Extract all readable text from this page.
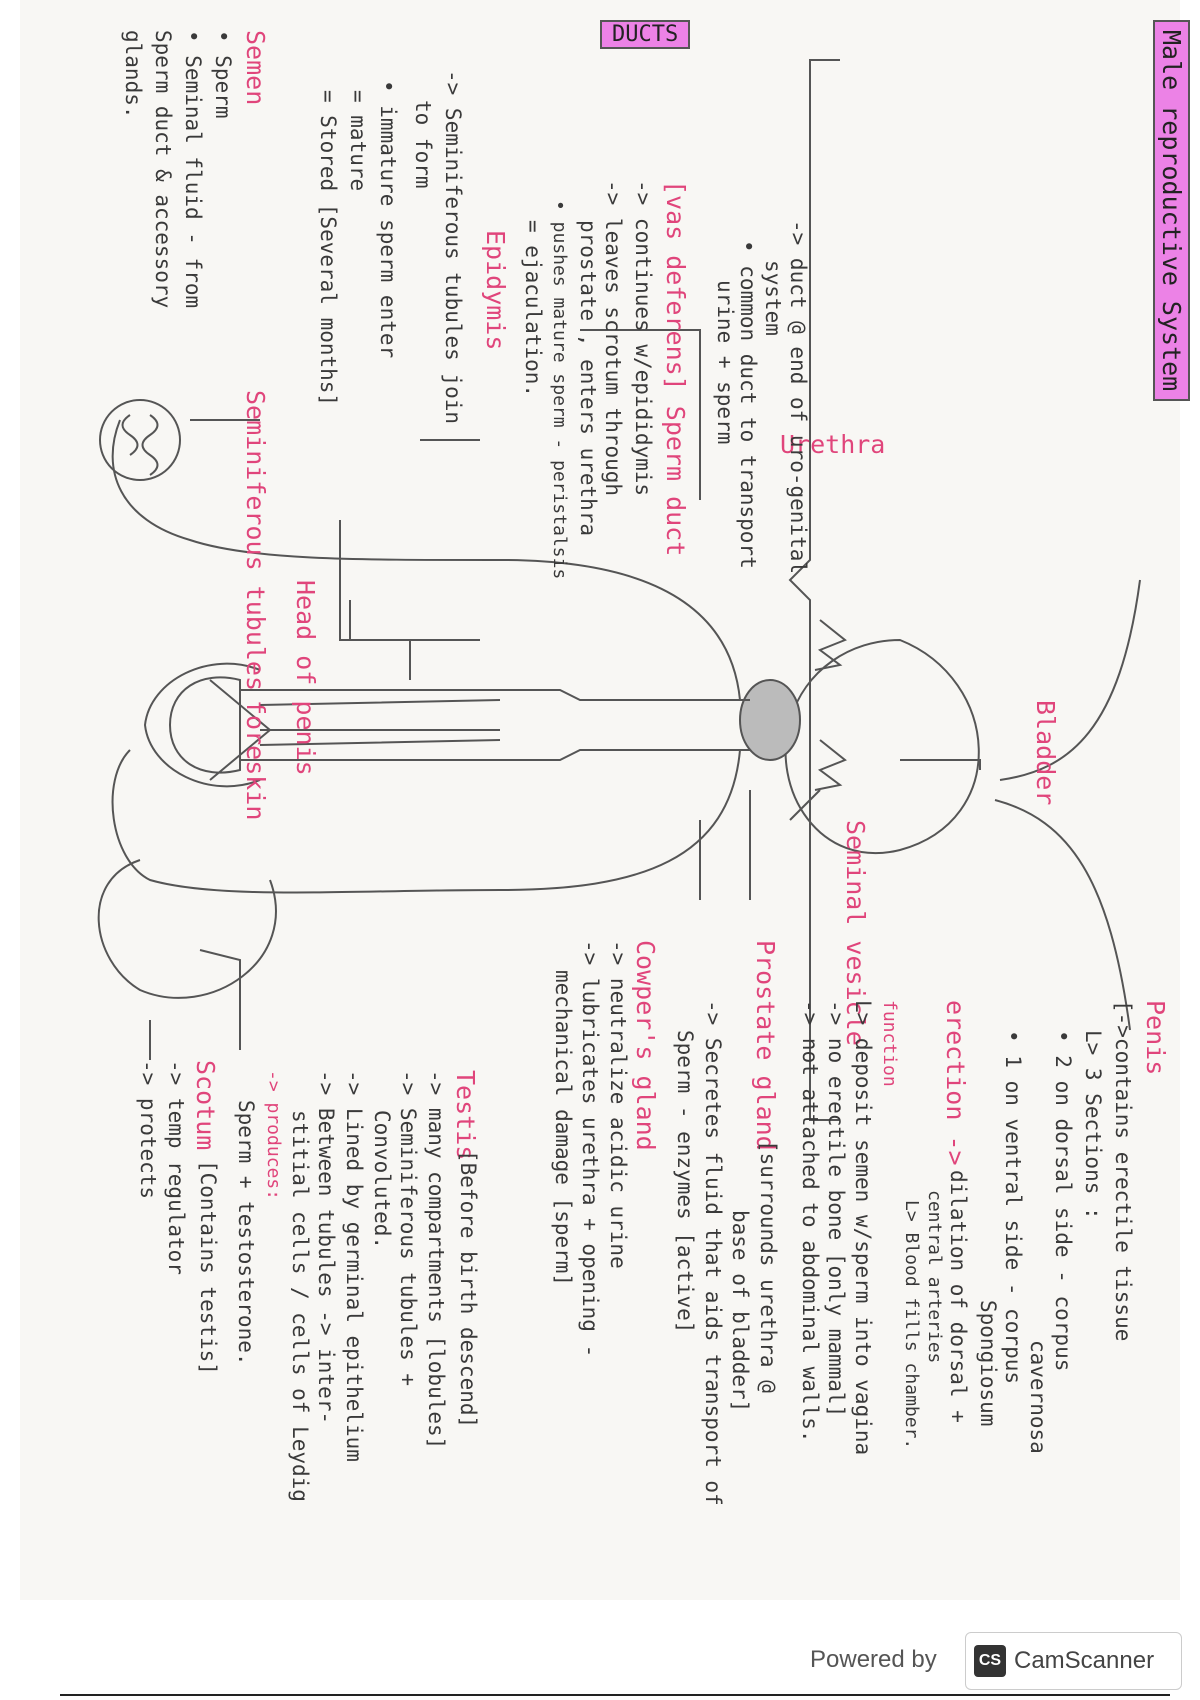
Male reproductive System
DUCTS
Urethra
-> duct @ end of uro-genital
system
• common duct to transport
urine + sperm
[vas deferens] Sperm duct
-> continues w/epididymis
-> leaves scrotum through
prostate , enters urethra
• pushes mature sperm - peristalsis
= ejaculation.
Epidymis
-> Seminiferous tubules join
to form
• immature sperm enter
= mature
= Stored [Several months]
Semen
• Sperm
• Seminal fluid - from
Sperm duct & accessory
glands.
Seminiferous tubules Head of penis
foreskin	Bladder
Seminal vesicle	Penis
[->contains erectile tissue
L> 3 Sections :
• 2 on dorsal side - corpus
cavernosa
• 1 on ventral side - corpus
Spongiosum
erection ->
dilation of dorsal +
central arteries
L> Blood fills chamber.
function
L> deposit semen w/sperm into vagina
-> no erectile bone [only mammal]
-> not attached to abdominal walls.
Prostate gland
[surrounds urethra @
base of bladder]
-> Secretes fluid that aids transport of
Sperm - enzymes [active]
Cowper's gland
-> neutralize acidic urine
-> lubricates urethra + opening -
mechanical damage [sperm]
Testis
[Before birth descend]
-> many compartments [lobules]
-> Seminiferous tubules +
Convoluted.
-> Lined by germinal epithelium
-> Between tubules -> inter-
stitial cells / cells of Leydig
-> produces:
Sperm + testosterone.
Scotum
[Contains testis]
-> temp regulator
-> protects
Powered by	CS CamScanner
